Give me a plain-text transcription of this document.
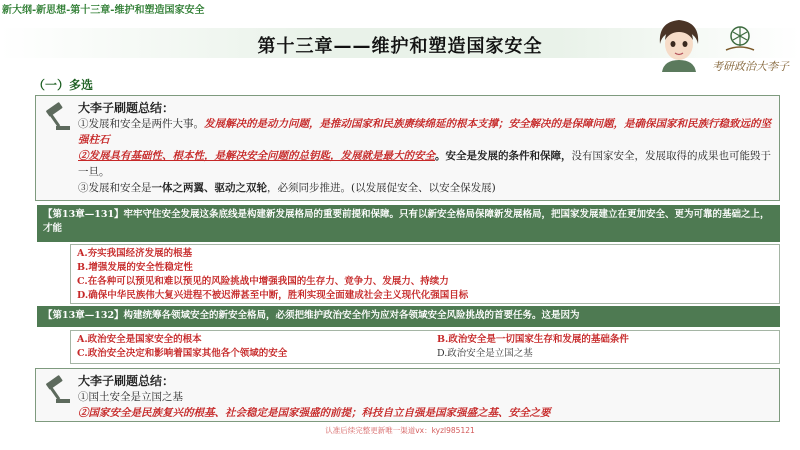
新大纲-新思想-第十三章-维护和塑造国家安全
第十三章——维护和塑造国家安全
考研政治大李子
（一）多选
大李子刷题总结：
①发展和安全是两件大事。发展解决的是动力问题，是推动国家和民族赓续绵延的根本支撑；安全解决的是保障问题，是确保国家和民族行稳致远的坚强柱石
②发展具有基础性、根本性，是解决安全问题的总钥匙，发展就是最大的安全。安全是发展的条件和保障，没有国家安全，发展取得的成果也可能毁于一旦。
③发展和安全是一体之两翼、驱动之双轮，必须同步推进。(以发展促安全、以安全保发展)
【第13章—131】牢牢守住安全发展这条底线是构建新发展格局的重要前提和保障。只有以新安全格局保障新发展格局，把国家发展建立在更加安全、更为可靠的基础之上，才能
A.夯实我国经济发展的根基
B.增强发展的安全性稳定性
C.在各种可以预见和难以预见的风险挑战中增强我国的生存力、竞争力、发展力、持续力
D.确保中华民族伟大复兴进程不被迟滞甚至中断，胜利实现全面建成社会主义现代化强国目标
【第13章—132】构建统筹各领域安全的新安全格局，必须把维护政治安全作为应对各领域安全风险挑战的首要任务。这是因为
A.政治安全是国家安全的根本	B.政治安全是一切国家生存和发展的基础条件
C.政治安全决定和影响着国家其他各个领域的安全	D.政治安全是立国之基
大李子刷题总结：
①国土安全是立国之基
②国家安全是民族复兴的根基、社会稳定是国家强盛的前提；科技自立自强是国家强盛之基、安全之要
认准后续完整更新唯一渠道vx：kyzl985121
